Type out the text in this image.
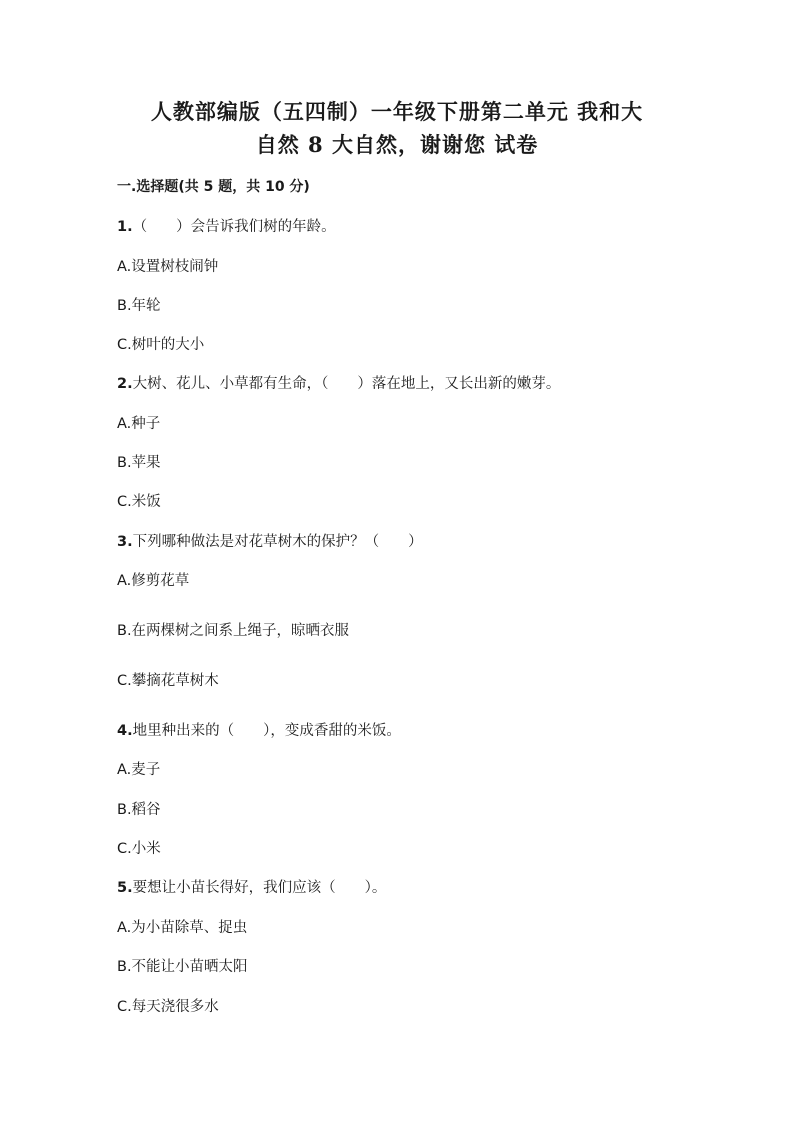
人教部编版（五四制）一年级下册第二单元 我和大
自然 8 大自然，谢谢您 试卷
一.选择题(共 5 题，共 10 分)
1.（　　）会告诉我们树的年龄。
A.设置树枝闹钟
B.年轮
C.树叶的大小
2.大树、花儿、小草都有生命，（　　）落在地上，又长出新的嫩芽。
A.种子
B.苹果
C.米饭
3.下列哪种做法是对花草树木的保护？（　　）
A.修剪花草
B.在两棵树之间系上绳子，晾晒衣服
C.攀摘花草树木
4.地里种出来的（　　），变成香甜的米饭。
A.麦子
B.稻谷
C.小米
5.要想让小苗长得好，我们应该（　　）。
A.为小苗除草、捉虫
B.不能让小苗晒太阳
C.每天浇很多水
